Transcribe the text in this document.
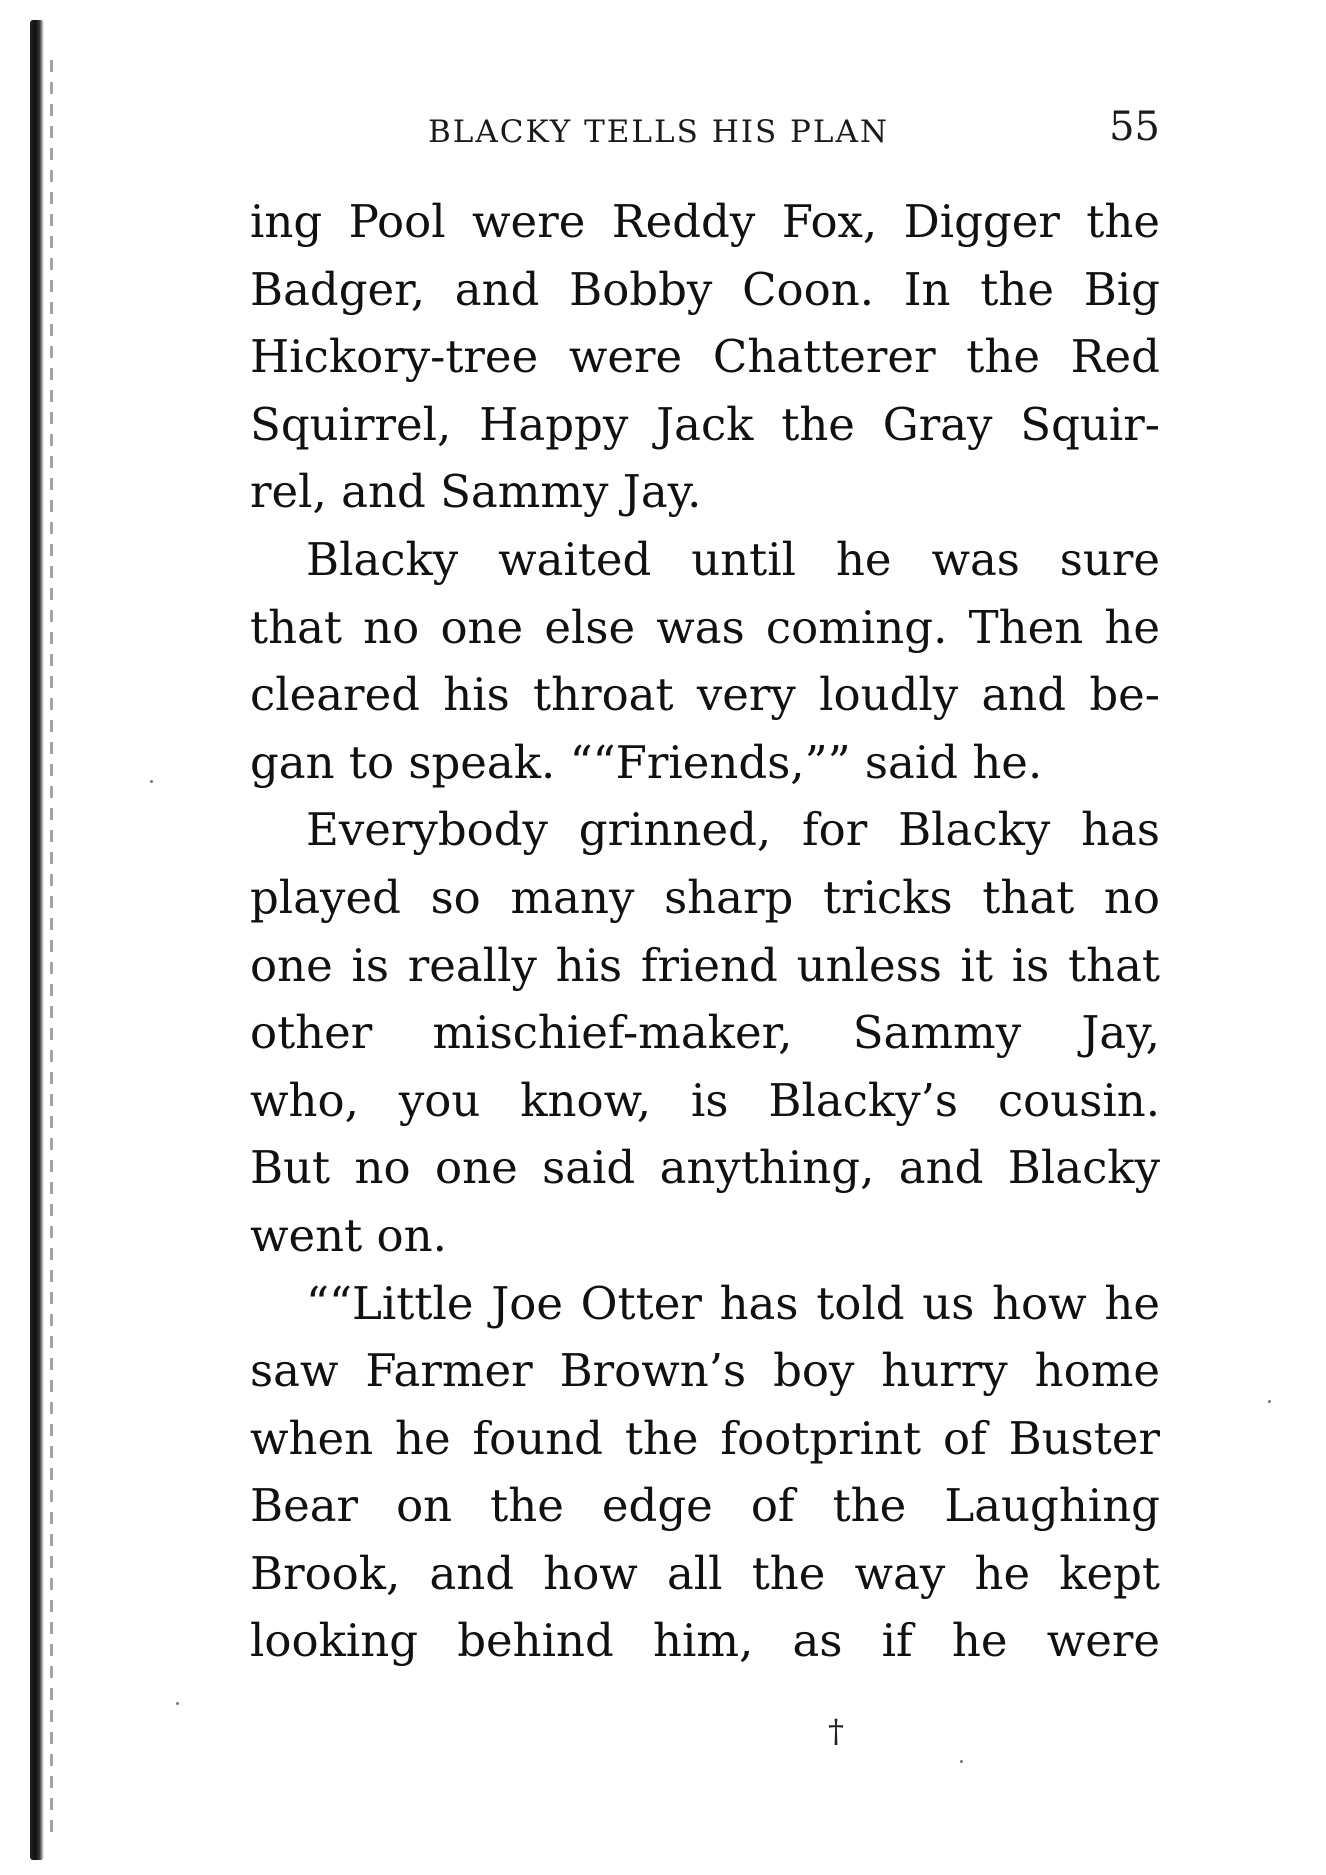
BLACKY TELLS HIS PLAN	55
ing Pool were Reddy Fox, Digger the
Badger, and Bobby Coon. In the Big
Hickory-tree were Chatterer the Red
Squirrel, Happy Jack the Gray Squir-
rel, and Sammy Jay.
Blacky waited until he was sure
that no one else was coming. Then he
cleared his throat very loudly and be-
gan to speak. ““Friends,”” said he.
Everybody grinned, for Blacky has
played so many sharp tricks that no
one is really his friend unless it is that
other mischief-maker, Sammy Jay,
who, you know, is Blacky’s cousin.
But no one said anything, and Blacky
went on.
““Little Joe Otter has told us how he
saw Farmer Brown’s boy hurry home
when he found the footprint of Buster
Bear on the edge of the Laughing
Brook, and how all the way he kept
looking behind him, as if he were
†
